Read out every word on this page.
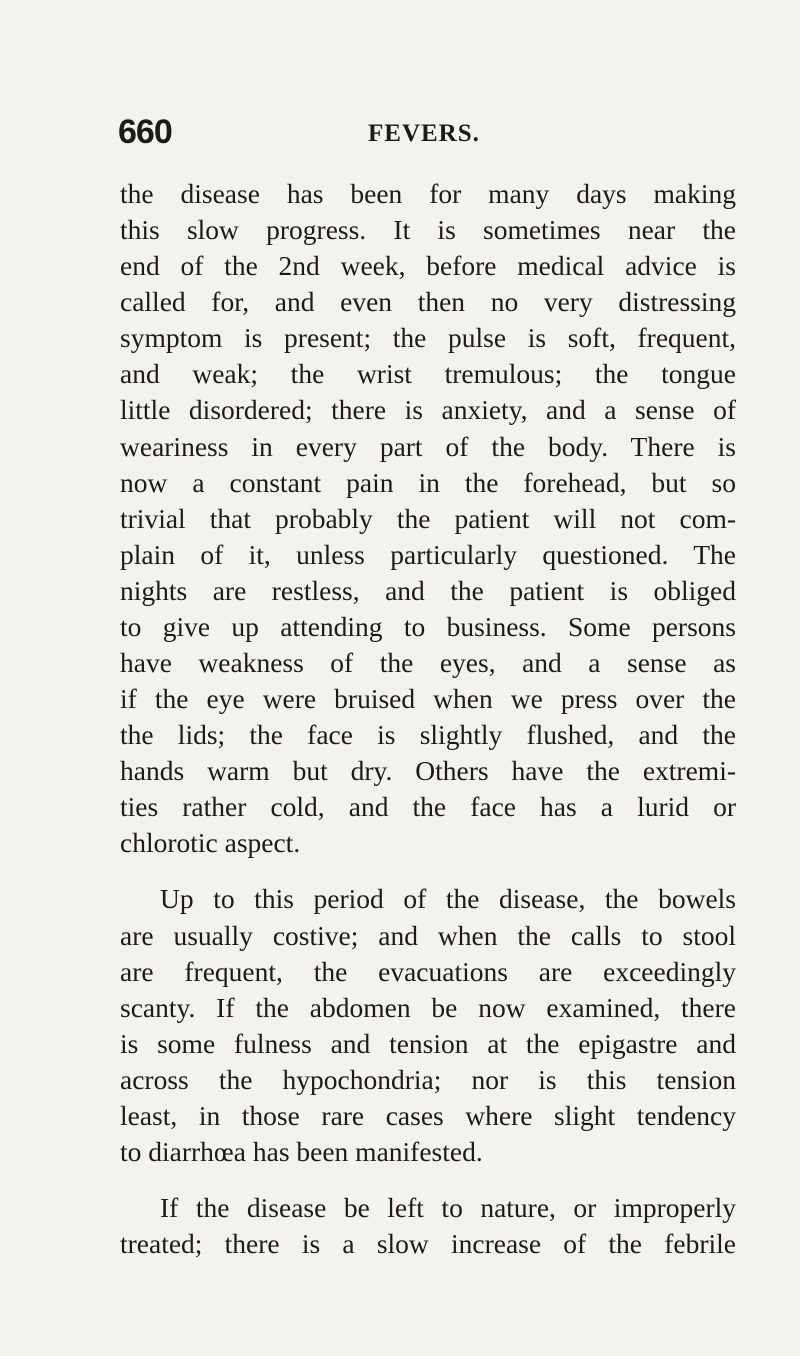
660	FEVERS.
the disease has been for many days making
this slow progress. It is sometimes near the
end of the 2nd week, before medical advice is
called for, and even then no very distressing
symptom is present; the pulse is soft, frequent,
and weak; the wrist tremulous; the tongue
little disordered; there is anxiety, and a sense of
weariness in every part of the body. There is
now a constant pain in the forehead, but so
trivial that probably the patient will not com-
plain of it, unless particularly questioned. The
nights are restless, and the patient is obliged
to give up attending to business. Some persons
have weakness of the eyes, and a sense as
if the eye were bruised when we press over the
the lids; the face is slightly flushed, and the
hands warm but dry. Others have the extremi-
ties rather cold, and the face has a lurid or
chlorotic aspect.
Up to this period of the disease, the bowels
are usually costive; and when the calls to stool
are frequent, the evacuations are exceedingly
scanty. If the abdomen be now examined, there
is some fulness and tension at the epigastre and
across the hypochondria; nor is this tension
least, in those rare cases where slight tendency
to diarrhœa has been manifested.
If the disease be left to nature, or improperly
treated; there is a slow increase of the febrile
